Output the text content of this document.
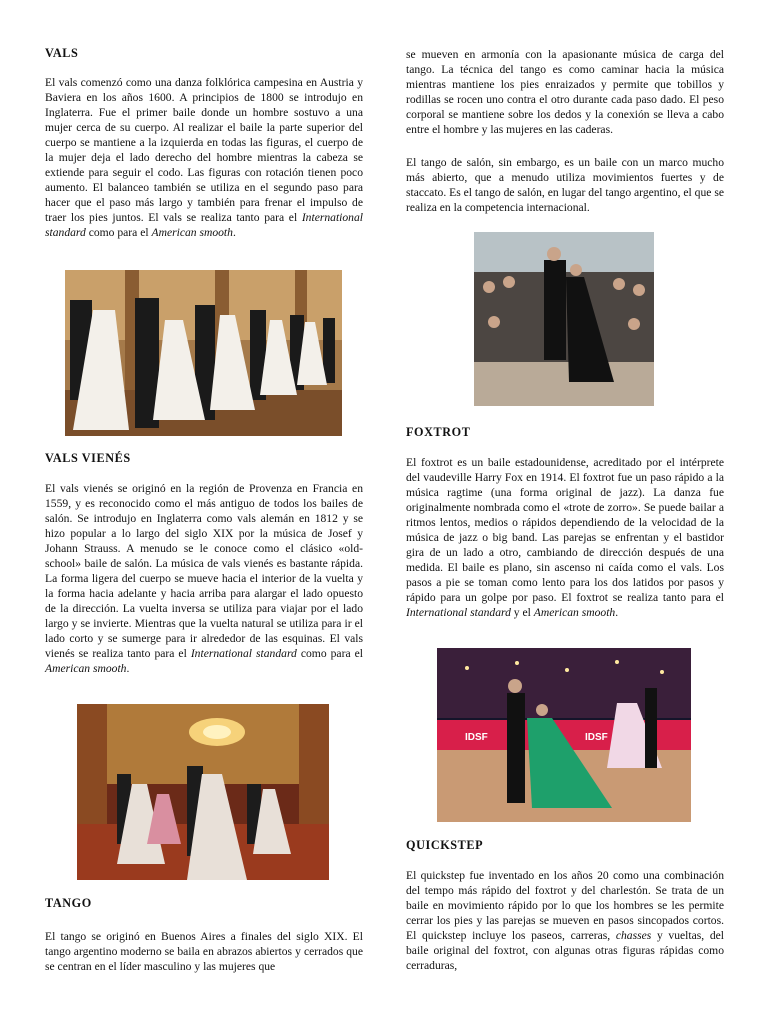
VALS

El vals comenzó como una danza folklórica campesina en Austria y Baviera en los años 1600. A principios de 1800 se introdujo en Inglaterra. Fue el primer baile donde un hombre sostuvo a una mujer cerca de su cuerpo. Al realizar el baile la parte superior del cuerpo se mantiene a la izquierda en todas las figuras, el cuerpo de la mujer deja el lado derecho del hombre mientras la cabeza se extiende para seguir el codo. Las figuras con rotación tienen poco aumento. El balanceo también se utiliza en el segundo paso para hacer que el paso más largo y también para frenar el impulso de traer los pies juntos. El vals se realiza tanto para el International standard como para el American smooth.

VALS VIENÉS

El vals vienés se originó en la región de Provenza en Francia en 1559, y es reconocido como el más antiguo de todos los bailes de salón. Se introdujo en Inglaterra como vals alemán en 1812 y se hizo popular a lo largo del siglo XIX por la música de Josef y Johann Strauss. A menudo se le conoce como el clásico «old-school» baile de salón. La música de vals vienés es bastante rápida. La forma ligera del cuerpo se mueve hacia el interior de la vuelta y la forma hacia adelante y hacia arriba para alargar el lado opuesto de la dirección. La vuelta inversa se utiliza para viajar por el lado largo y se invierte. Mientras que la vuelta natural se utiliza para ir el lado corto y se sumerge para ir alrededor de las esquinas. El vals vienés se realiza tanto para el International standard como para el American smooth.

TANGO

El tango se originó en Buenos Aires a finales del siglo XIX. El tango argentino moderno se baila en abrazos abiertos y cerrados que se centran en el líder masculino y las mujeres que

se mueven en armonía con la apasionante música de carga del tango. La técnica del tango es como caminar hacia la música mientras mantiene los pies enraizados y permite que tobillos y rodillas se rocen uno contra el otro durante cada paso dado. El peso corporal se mantiene sobre los dedos y la conexión se lleva a cabo entre el hombre y las mujeres en las caderas.

El tango de salón, sin embargo, es un baile con un marco mucho más abierto, que a menudo utiliza movimientos fuertes y de staccato. Es el tango de salón, en lugar del tango argentino, el que se realiza en la competencia internacional.

FOXTROT

El foxtrot es un baile estadounidense, acreditado por el intérprete del vaudeville Harry Fox en 1914. El foxtrot fue un paso rápido a la música ragtime (una forma original de jazz). La danza fue originalmente nombrada como el «trote de zorro». Se puede bailar a ritmos lentos, medios o rápidos dependiendo de la velocidad de la música de jazz o big band. Las parejas se enfrentan y el bastidor gira de un lado a otro, cambiando de dirección después de una medida. El baile es plano, sin ascenso ni caída como el vals. Los pasos a pie se toman como lento para los dos latidos por pasos y rápido para un golpe por paso. El foxtrot se realiza tanto para el International standard y el American smooth.

IDSF	IDSF
QUICKSTEP

El quickstep fue inventado en los años 20 como una combinación del tempo más rápido del foxtrot y del charlestón. Se trata de un baile en movimiento rápido por lo que los hombres se les permite cerrar los pies y las parejas se mueven en pasos sincopados cortos. El quickstep incluye los paseos, carreras, chasses y vueltas, del baile original del foxtrot, con algunas otras figuras rápidas como cerraduras,
